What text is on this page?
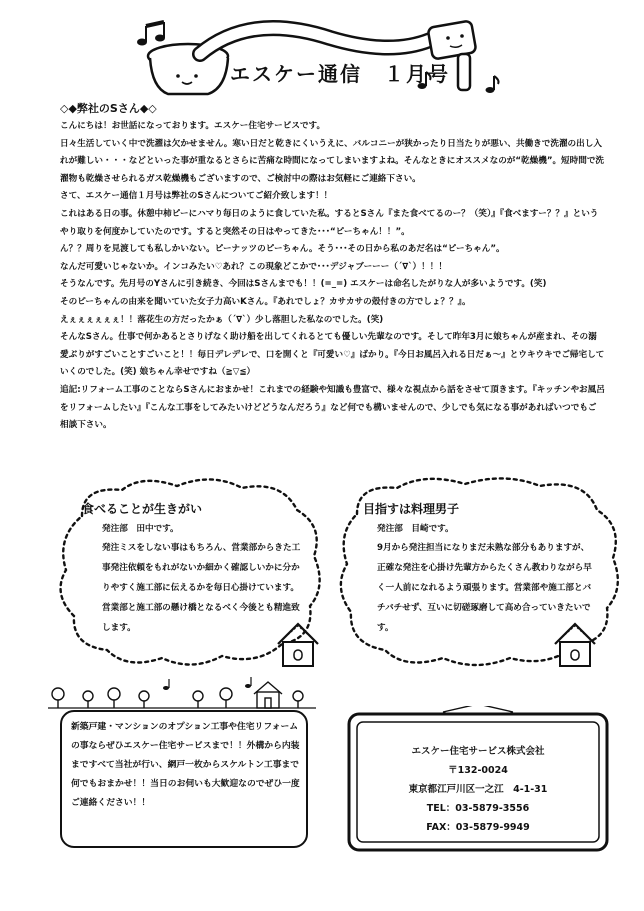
エスケー通信　１月号
◇◆弊社のSさん◆◇

こんにちは！お世話になっております。エスケー住宅サービスです。

日々生活していく中で洗濯は欠かせません。寒い日だと乾きにくいうえに、バルコニーが狭かったり日当たりが悪い、共働きで洗濯の出し入れが難しい・・・などといった事が重なるとさらに苦痛な時間になってしまいますよね。そんなときにオススメなのが“乾燥機”。短時間で洗濯物も乾燥させられるガス乾燥機もございますので、ご検討中の際はお気軽にご連絡下さい。

さて、エスケー通信１月号は弊社のSさんについてご紹介致します！！

これはある日の事。休憩中柿ピーにハマり毎日のように食していた私。するとSさん『また食べてるのー？（笑）』『食べますー？？』というやり取りを何度かしていたのです。すると突然その日はやってきた･･･“ピーちゃん！！”。

ん？？周りを見渡しても私しかいない。ピーナッツのピーちゃん。そう･･･その日から私のあだ名は“ピーちゃん”。

なんだ可愛いじゃないか。インコみたい♡あれ？この現象どこかで･･･デジャブーーー（´∇`）！！！

そうなんです。先月号のYさんに引き続き、今回はSさんまでも！！(=_=) エスケーは命名したがりな人が多いようです。(笑)

そのピーちゃんの由来を聞いていた女子力高いKさん。『あれでしょ？カサカサの殻付きの方でしょ？？』。

えぇぇぇぇぇぇ！！落花生の方だったかぁ（´∇`）少し落胆した私なのでした。(笑)

そんなSさん。仕事で何かあるとさりげなく助け船を出してくれるとても優しい先輩なのです。そして昨年3月に娘ちゃんが産まれ、その溺愛ぶりがすごいことすごいこと！！毎日デレデレで、口を開くと『可愛い♡』ばかり。『今日お風呂入れる日だぁ～』とウキウキでご帰宅していくのでした。(笑) 娘ちゃん幸せですね（≧▽≦）

追記:リフォーム工事のことならSさんにおまかせ！これまでの経験や知識も豊富で、様々な視点から話をさせて頂きます。『キッチンやお風呂をリフォームしたい』『こんな工事をしてみたいけどどうなんだろう』など何でも構いませんので、少しでも気になる事があればいつでもご相談下さい。

食べることが生きがい
発注部　田中です。
発注ミスをしない事はもちろん、営業部からきた工事発注依頼をもれがないか細かく確認しいかに分かりやすく施工部に伝えるかを毎日心掛けています。営業部と施工部の懸け橋となるべく今後とも精進致します。
目指すは料理男子
発注部　目崎です。
9月から発注担当になりまだ未熟な部分もありますが、正確な発注を心掛け先輩方からたくさん教わりながら早く一人前になれるよう頑張ります。営業部や施工部とバチバチせず、互いに切磋琢磨して高め合っていきたいです。
新築戸建・マンションのオプション工事や住宅リフォームの事ならぜひエスケー住宅サービスまで！！外構から内装まですべて当社が行い、網戸一枚からスケルトン工事まで何でもおまかせ！！当日のお伺いも大歓迎なのでぜひ一度ご連絡ください！！
エスケー住宅サービス株式会社
〒132-0024
東京都江戸川区一之江　4-1-31
TEL：03-5879-3556
FAX：03-5879-9949
